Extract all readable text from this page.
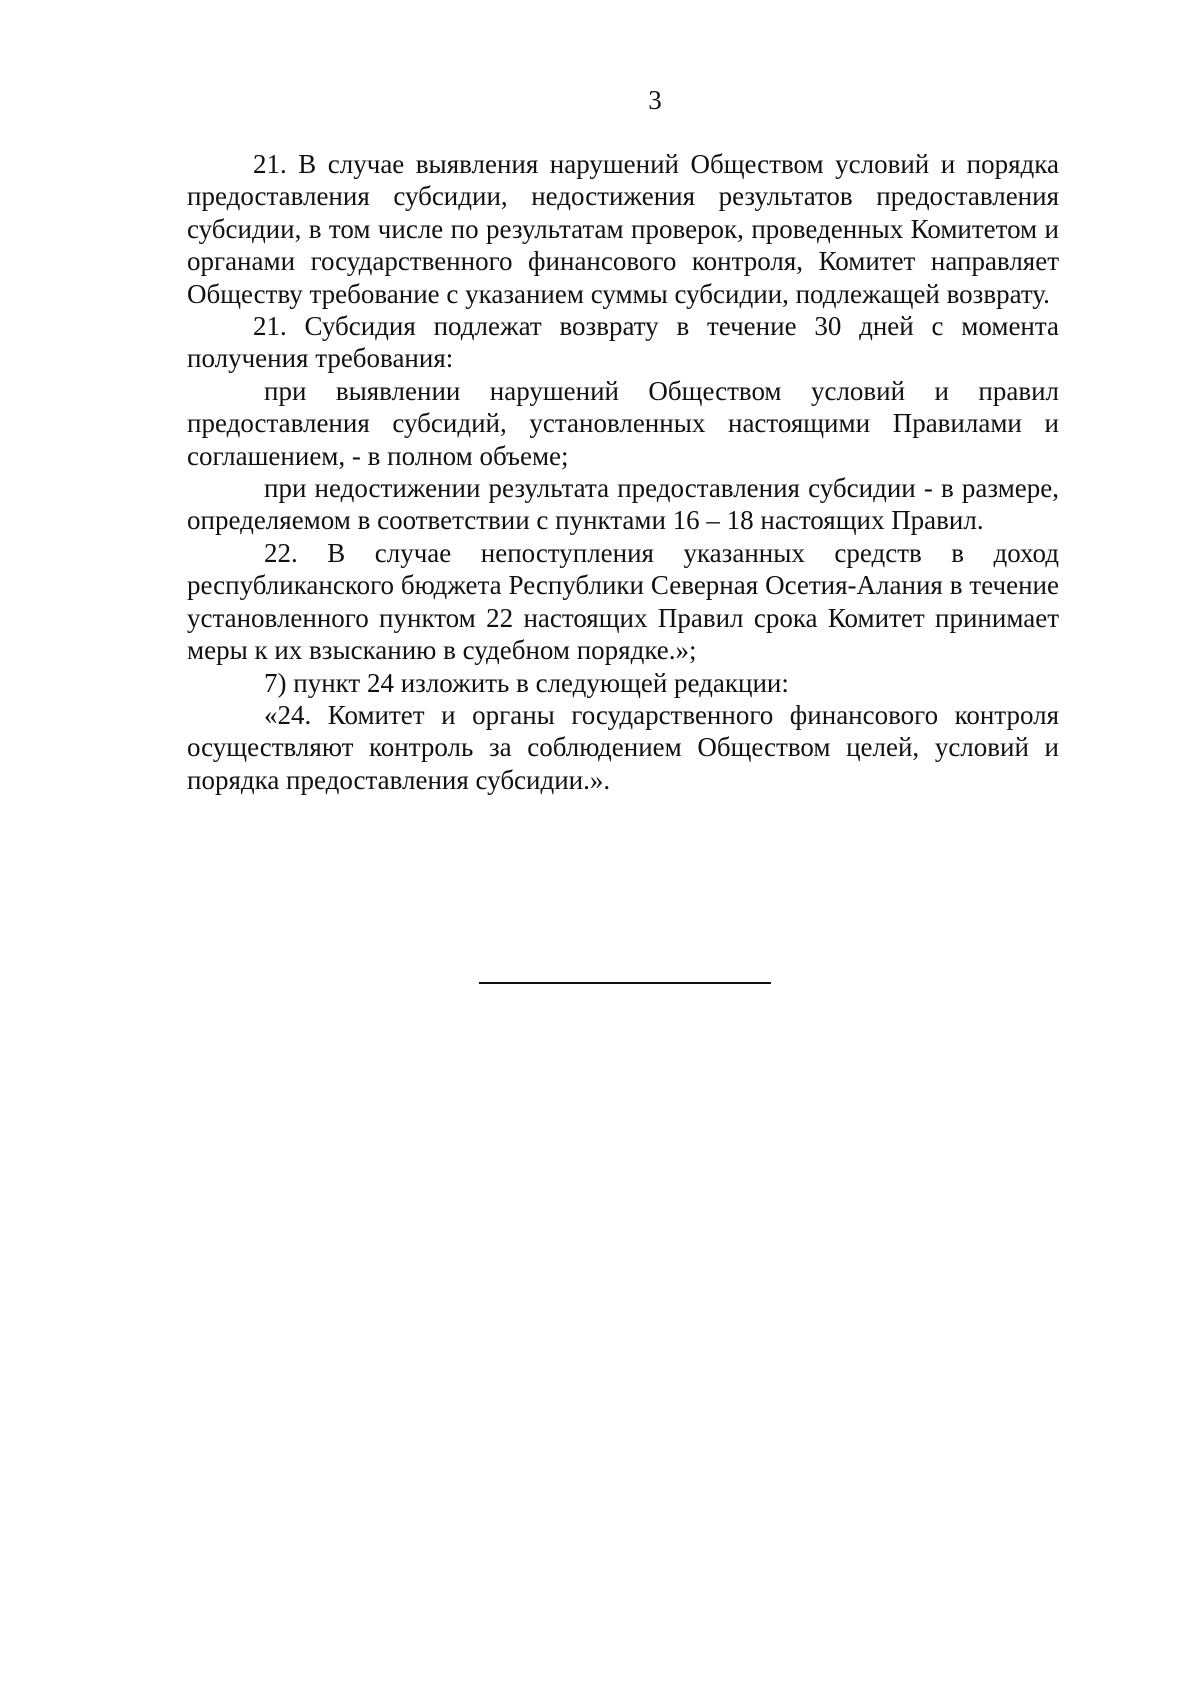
3

21. В случае выявления нарушений Обществом условий и порядка предоставления субсидии, недостижения результатов предоставления субсидии, в том числе по результатам проверок, проведенных Комитетом и органами государственного финансового контроля, Комитет направляет Обществу требование с указанием суммы субсидии, подлежащей возврату.

21. Субсидия подлежат возврату в течение 30 дней с момента получения требования:

при выявлении нарушений Обществом условий и правил предоставления субсидий, установленных настоящими Правилами и соглашением, - в полном объеме;

при недостижении результата предоставления субсидии - в размере, определяемом в соответствии с пунктами 16 – 18 настоящих Правил.

22. В случае непоступления указанных средств в доход республиканского бюджета Республики Северная Осетия-Алания в течение установленного пунктом 22 настоящих Правил срока Комитет принимает меры к их взысканию в судебном порядке.»;

7) пункт 24 изложить в следующей редакции:

«24. Комитет и органы государственного финансового контроля осуществляют контроль за соблюдением Обществом целей, условий и порядка предоставления субсидии.».
